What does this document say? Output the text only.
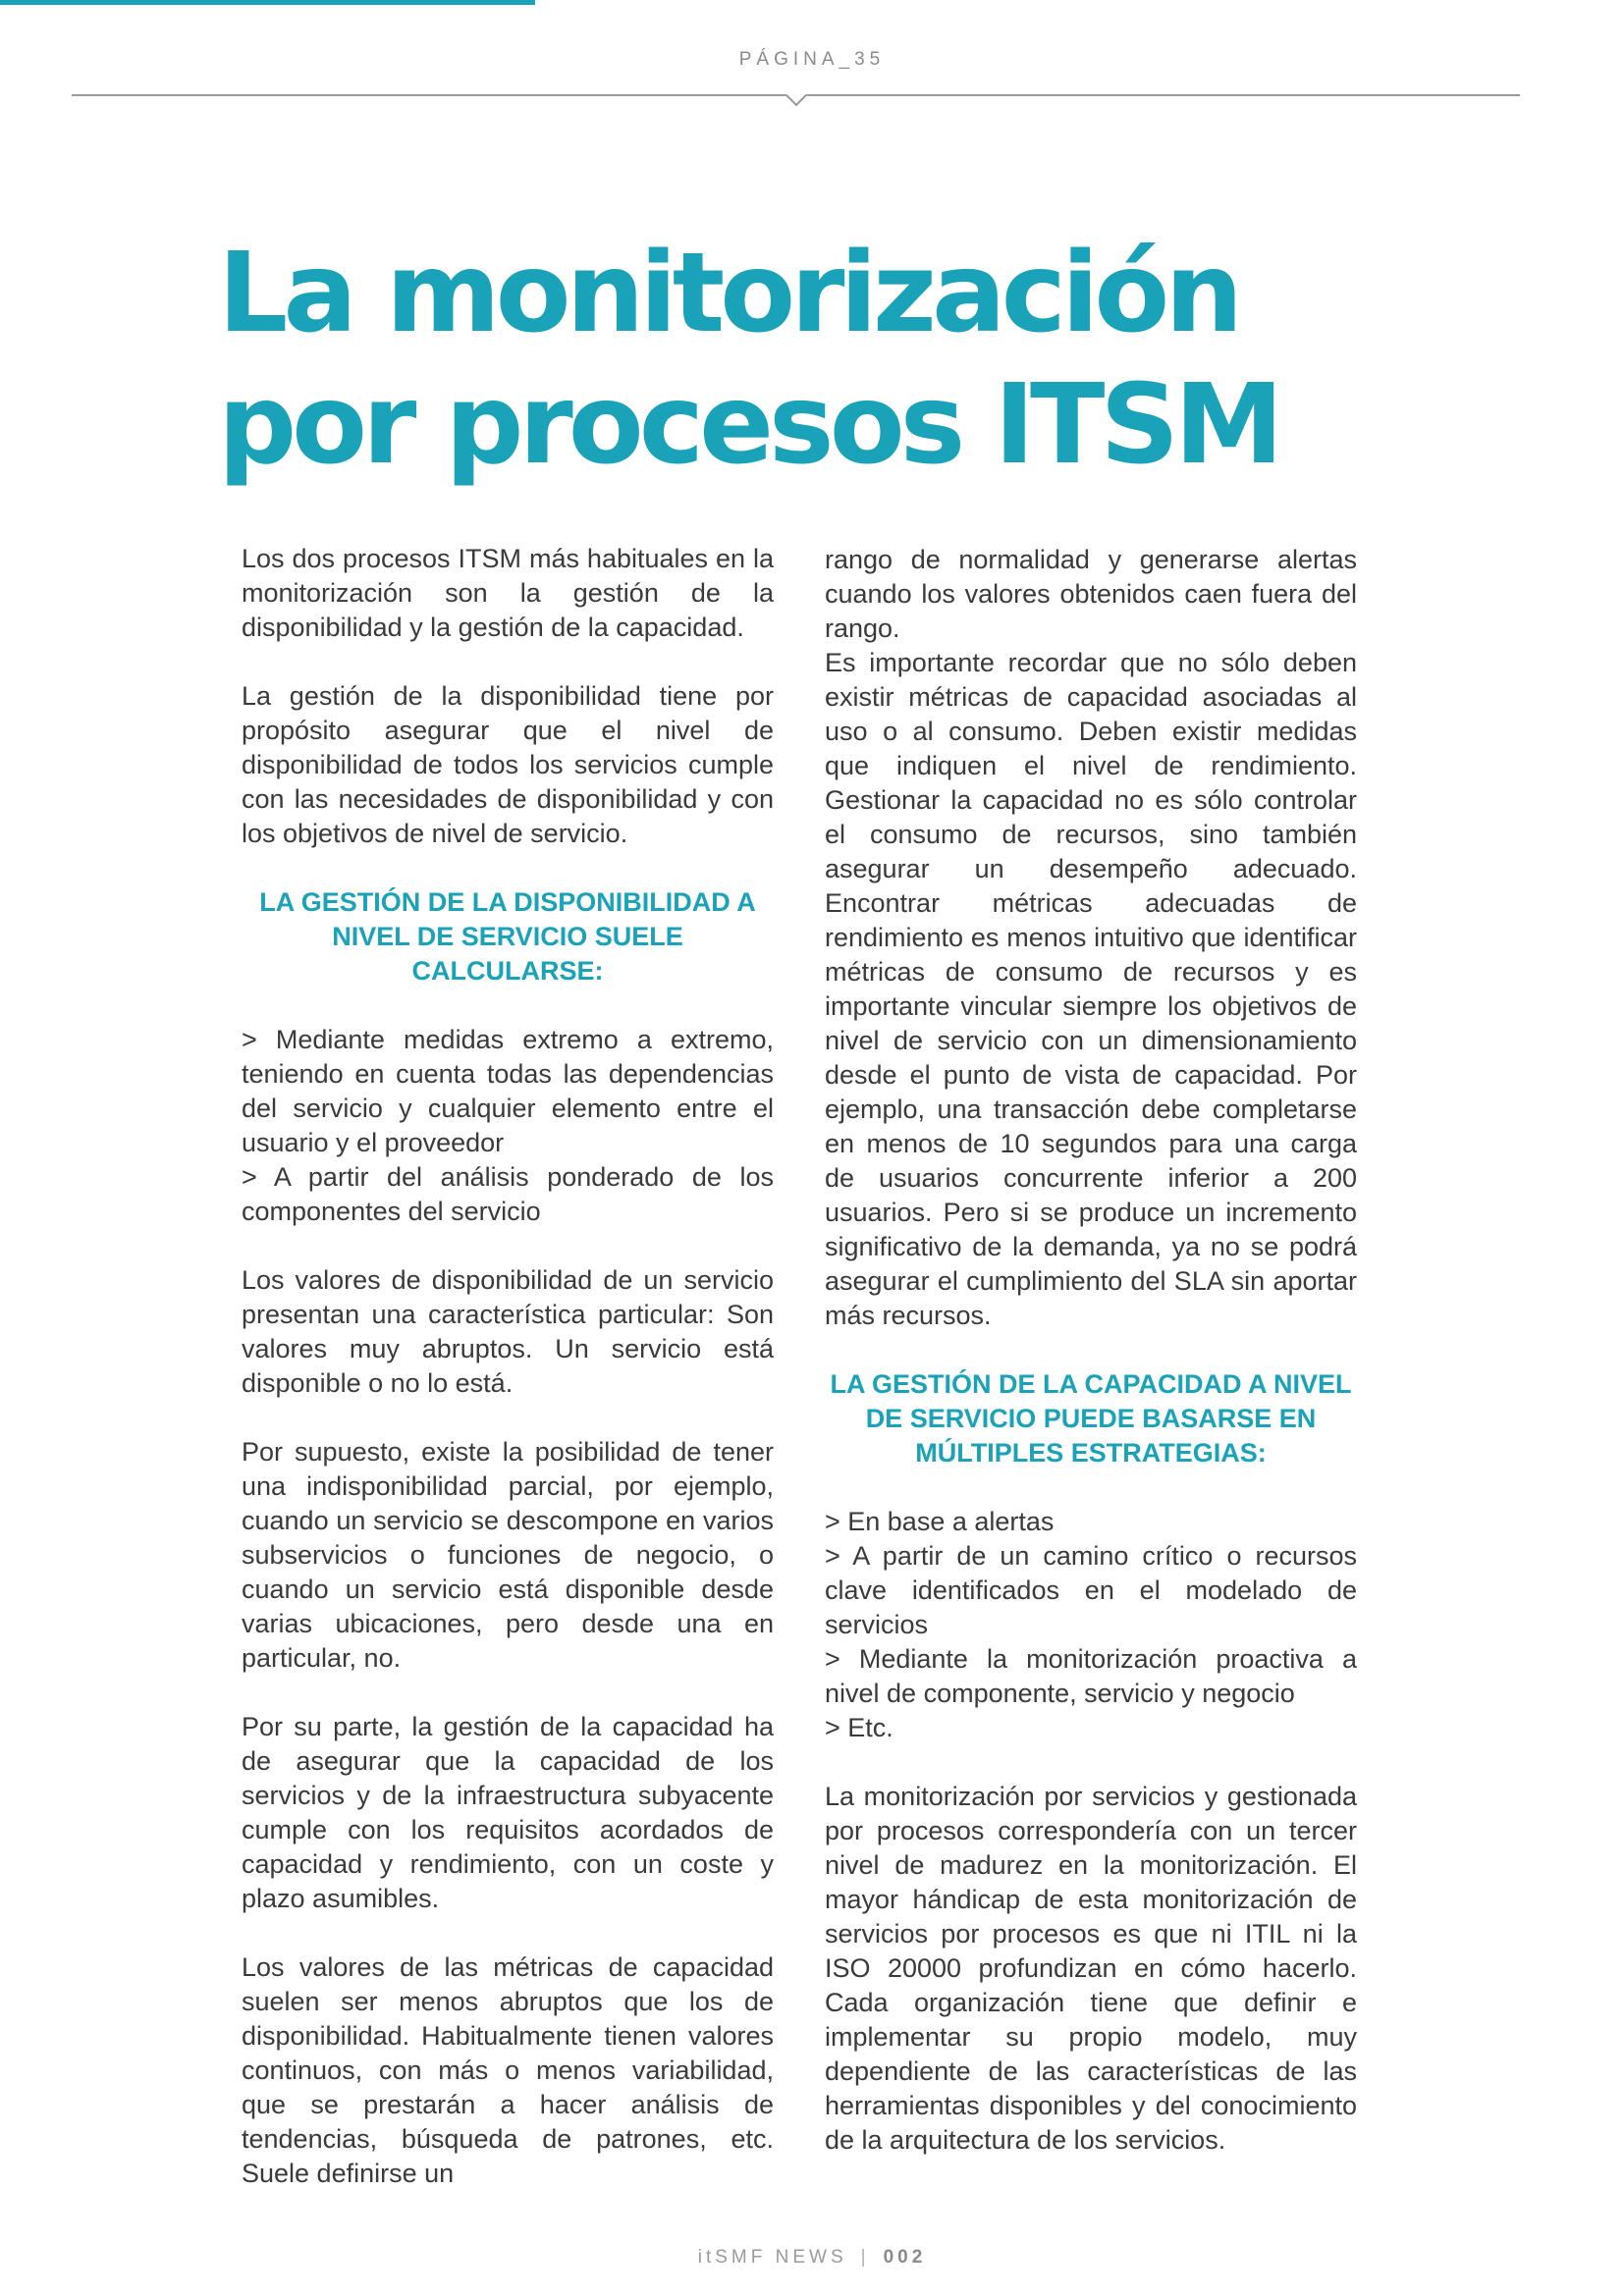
PÁGINA_35
La monitorización
por procesos ITSM

Los dos procesos ITSM más habituales en la monitorización son la gestión de la disponibilidad y la gestión de la capacidad.

La gestión de la disponibilidad tiene por propósito asegurar que el nivel de disponibilidad de todos los servicios cumple con las necesidades de disponibilidad y con los objetivos de nivel de servicio.

LA GESTIÓN DE LA DISPONIBILIDAD A NIVEL DE SERVICIO SUELE CALCULARSE:
> Mediante medidas extremo a extremo, teniendo en cuenta todas las dependencias del servicio y cualquier elemento entre el usuario y el proveedor
> A partir del análisis ponderado de los componentes del servicio

Los valores de disponibilidad de un servicio presentan una característica particular: Son valores muy abruptos. Un servicio está disponible o no lo está.

Por supuesto, existe la posibilidad de tener una indisponibilidad parcial, por ejemplo, cuando un servicio se descompone en varios subservicios o funciones de negocio, o cuando un servicio está disponible desde varias ubicaciones, pero desde una en particular, no.

Por su parte, la gestión de la capacidad ha de asegurar que la capacidad de los servicios y de la infraestructura subyacente cumple con los requisitos acordados de capacidad y rendimiento, con un coste y plazo asumibles.

Los valores de las métricas de capacidad suelen ser menos abruptos que los de disponibilidad. Habitualmente tienen valores continuos, con más o menos variabilidad, que se prestarán a hacer análisis de tendencias, búsqueda de patrones, etc. Suele definirse un

rango de normalidad y generarse alertas cuando los valores obtenidos caen fuera del rango.

Es importante recordar que no sólo deben existir métricas de capacidad asociadas al uso o al consumo. Deben existir medidas que indiquen el nivel de rendimiento. Gestionar la capacidad no es sólo controlar el consumo de recursos, sino también asegurar un desempeño adecuado. Encontrar métricas adecuadas de rendimiento es menos intuitivo que identificar métricas de consumo de recursos y es importante vincular siempre los objetivos de nivel de servicio con un dimensionamiento desde el punto de vista de capacidad. Por ejemplo, una transacción debe completarse en menos de 10 segundos para una carga de usuarios concurrente inferior a 200 usuarios. Pero si se produce un incremento significativo de la demanda, ya no se podrá asegurar el cumplimiento del SLA sin aportar más recursos.

LA GESTIÓN DE LA CAPACIDAD A NIVEL DE SERVICIO PUEDE BASARSE EN MÚLTIPLES ESTRATEGIAS:
> En base a alertas
> A partir de un camino crítico o recursos clave identificados en el modelado de servicios
> Mediante la monitorización proactiva a nivel de componente, servicio y negocio
> Etc.

La monitorización por servicios y gestionada por procesos correspondería con un tercer nivel de madurez en la monitorización. El mayor hándicap de esta monitorización de servicios por procesos es que ni ITIL ni la ISO 20000 profundizan en cómo hacerlo. Cada organización tiene que definir e implementar su propio modelo, muy dependiente de las características de las herramientas disponibles y del conocimiento de la arquitectura de los servicios.

itSMF NEWS | 002
